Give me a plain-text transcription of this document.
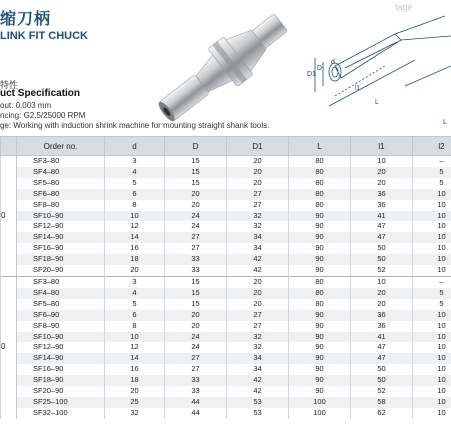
缩刀柄
LINK FIT CHUCK
tage
特性
uct Specification
out: 0.003 mm
ncing: G2.5/25000 RPM
ge: Working with induction shrink machine for mounting straight shank tools.
D1
D
d
l1
L
L
	Order no.	d	D	D1	L	l1	l2
0	SF3–80	3	15	20	80	10	–
	SF4–80	4	15	20	80	20	5
	SF5–80	5	15	20	80	20	5
	SF6–80	6	20	27	80	36	10
	SF8–80	8	20	27	80	36	10
	SF10–90	10	24	32	90	41	10
	SF12–90	12	24	32	90	47	10
	SF14–90	14	27	34	90	47	10
	SF16–90	16	27	34	90	50	10
	SF18–90	18	33	42	90	50	10
	SF20–90	20	33	42	90	52	10
0	SF3–80	3	15	20	80	10	–
	SF4–80	4	15	20	80	20	5
	SF5–80	5	15	20	80	20	5
	SF6–90	6	20	27	90	36	10
	SF8–90	8	20	27	90	36	10
	SF10–90	10	24	32	90	41	10
	SF12–90	12	24	32	90	47	10
	SF14–90	14	27	34	90	47	10
	SF16–90	16	27	34	90	50	10
	SF18–90	18	33	42	90	50	10
	SF20–90	20	33	42	90	52	10
	SF25–100	25	44	53	100	58	10
	SF32–100	32	44	53	100	62	10
